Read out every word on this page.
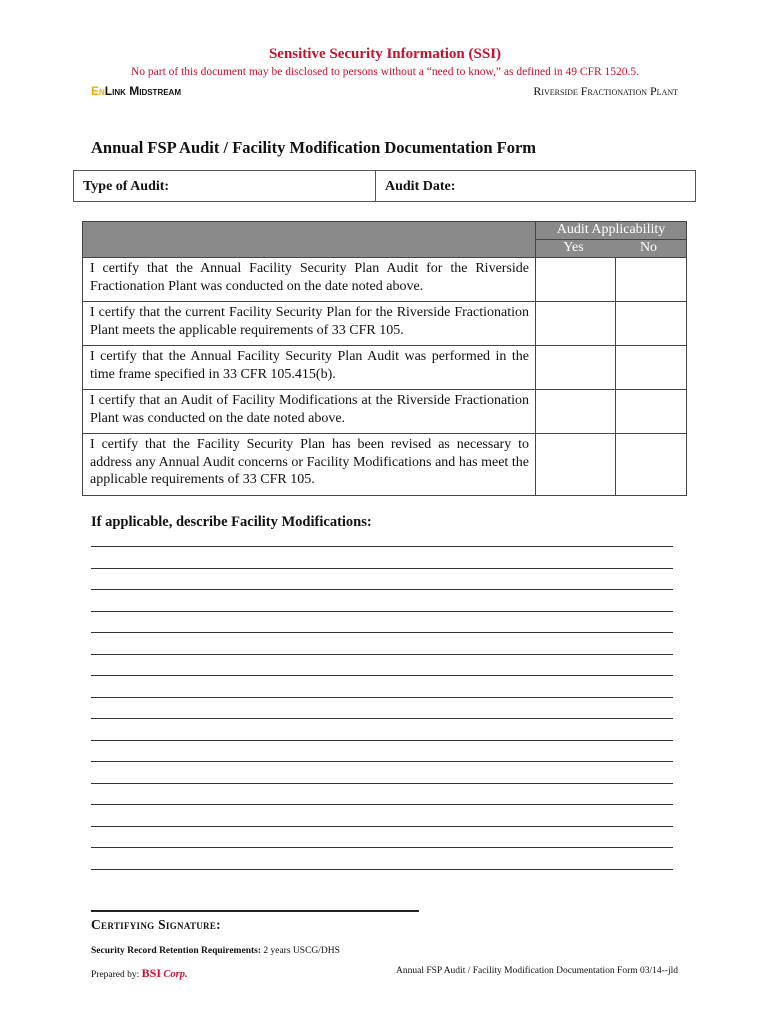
Sensitive Security Information (SSI)
No part of this document may be disclosed to persons without a “need to know,” as defined in 49 CFR 1520.5.
EnLink Midstream	Riverside Fractionation Plant
Annual FSP Audit / Facility Modification Documentation Form
Type of Audit:	Audit Date:
	Audit Applicability	

	Yes No	

I certify that the Annual Facility Security Plan Audit for the Riverside Fractionation Plant was conducted on the date noted above.		
I certify that the current Facility Security Plan for the Riverside Fractionation Plant meets the applicable requirements of 33 CFR 105.		
I certify that the Annual Facility Security Plan Audit was performed in the time frame specified in 33 CFR 105.415(b).		
I certify that an Audit of Facility Modifications at the Riverside Fractionation Plant was conducted on the date noted above.		
I certify that the Facility Security Plan has been revised as necessary to address any Annual Audit concerns or Facility Modifications and has meet the applicable requirements of 33 CFR 105.		
If applicable, describe Facility Modifications:
Certifying Signature:
Security Record Retention Requirements: 2 years USCG/DHS
Prepared by: BSI Corp.	Annual FSP Audit / Facility Modification Documentation Form 03/14--jld
